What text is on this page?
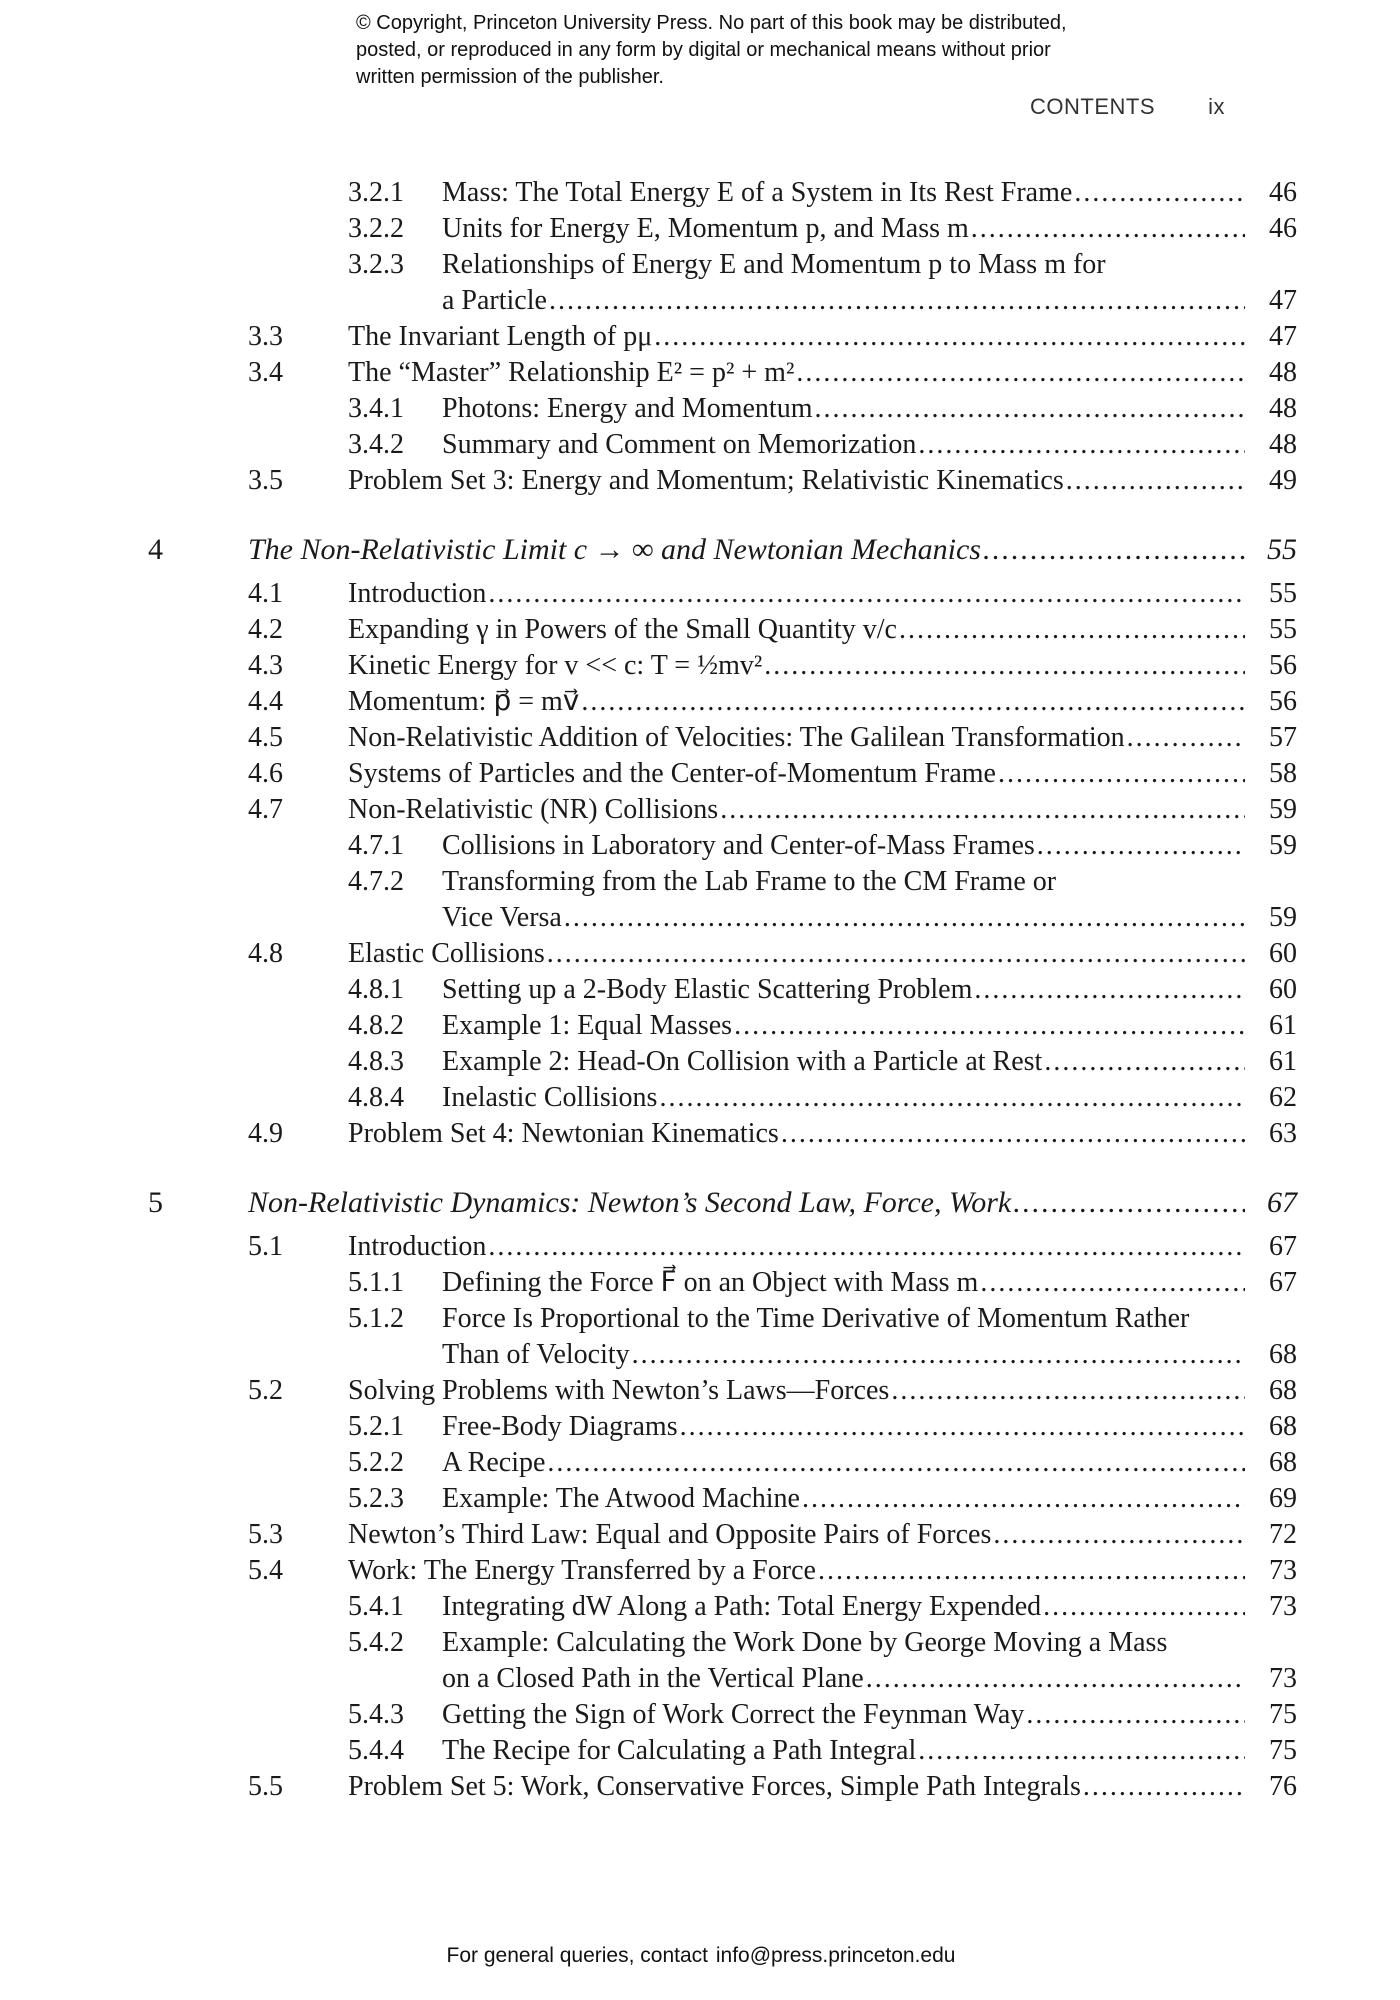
© Copyright, Princeton University Press. No part of this book may be distributed, posted, or reproduced in any form by digital or mechanical means without prior written permission of the publisher.
CONTENTS ix
3.2.1 Mass: The Total Energy E of a System in Its Rest Frame .....	46
3.2.2 Units for Energy E, Momentum p, and Mass m .....	46
3.2.3 Relationships of Energy E and Momentum p to Mass m for
a Particle .....	47
3.3 The Invariant Length of pμ .....	47
3.4 The “Master” Relationship E² = p² + m² .....	48
3.4.1 Photons: Energy and Momentum .....	48
3.4.2 Summary and Comment on Memorization .....	48
3.5 Problem Set 3: Energy and Momentum; Relativistic Kinematics .....	49
4	The Non-Relativistic Limit c → ∞ and Newtonian Mechanics .....	55
4.1 Introduction .....	55
4.2 Expanding γ in Powers of the Small Quantity v/c .....	55
4.3 Kinetic Energy for v << c: T = ½mv² .....	56
4.4 Momentum: p⃗ = mv⃗ .....	56
4.5 Non-Relativistic Addition of Velocities: The Galilean Transformation .....	57
4.6 Systems of Particles and the Center-of-Momentum Frame .....	58
4.7 Non-Relativistic (NR) Collisions .....	59
4.7.1 Collisions in Laboratory and Center-of-Mass Frames .....	59
4.7.2 Transforming from the Lab Frame to the CM Frame or
Vice Versa .....	59
4.8 Elastic Collisions .....	60
4.8.1 Setting up a 2-Body Elastic Scattering Problem .....	60
4.8.2 Example 1: Equal Masses .....	61
4.8.3 Example 2: Head-On Collision with a Particle at Rest .....	61
4.8.4 Inelastic Collisions .....	62
4.9 Problem Set 4: Newtonian Kinematics .....	63
5	Non-Relativistic Dynamics: Newton’s Second Law, Force, Work .....	67
5.1 Introduction .....	67
5.1.1 Defining the Force F⃗ on an Object with Mass m .....	67
5.1.2 Force Is Proportional to the Time Derivative of Momentum Rather
Than of Velocity .....	68
5.2 Solving Problems with Newton’s Laws—Forces .....	68
5.2.1 Free-Body Diagrams .....	68
5.2.2 A Recipe .....	68
5.2.3 Example: The Atwood Machine .....	69
5.3 Newton’s Third Law: Equal and Opposite Pairs of Forces .....	72
5.4 Work: The Energy Transferred by a Force .....	73
5.4.1 Integrating dW Along a Path: Total Energy Expended .....	73
5.4.2 Example: Calculating the Work Done by George Moving a Mass
on a Closed Path in the Vertical Plane .....	73
5.4.3 Getting the Sign of Work Correct the Feynman Way .....	75
5.4.4 The Recipe for Calculating a Path Integral .....	75
5.5 Problem Set 5: Work, Conservative Forces, Simple Path Integrals .....	76
For general queries, contact info@press.princeton.edu
